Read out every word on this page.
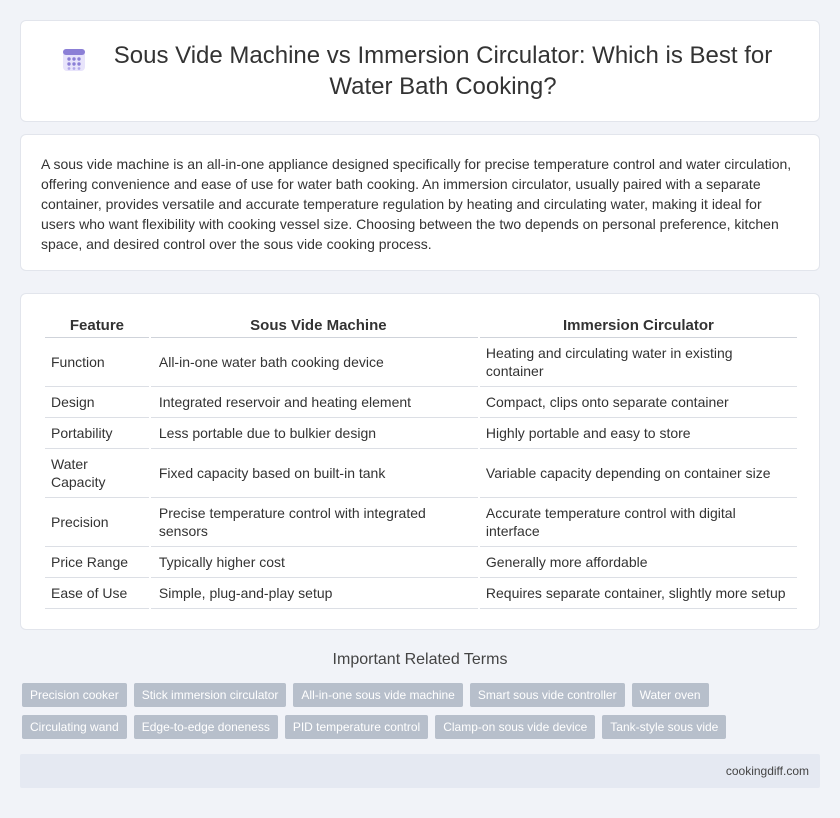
Sous Vide Machine vs Immersion Circulator: Which is Best for Water Bath Cooking?

A sous vide machine is an all-in-one appliance designed specifically for precise temperature control and water circulation, offering convenience and ease of use for water bath cooking. An immersion circulator, usually paired with a separate container, provides versatile and accurate temperature regulation by heating and circulating water, making it ideal for users who want flexibility with cooking vessel size. Choosing between the two depends on personal preference, kitchen space, and desired control over the sous vide cooking process.

Feature	Sous Vide Machine	Immersion Circulator
Function	All-in-one water bath cooking device	Heating and circulating water in existing container
Design	Integrated reservoir and heating element	Compact, clips onto separate container
Portability	Less portable due to bulkier design	Highly portable and easy to store
Water Capacity	Fixed capacity based on built-in tank	Variable capacity depending on container size
Precision	Precise temperature control with integrated sensors	Accurate temperature control with digital interface
Price Range	Typically higher cost	Generally more affordable
Ease of Use	Simple, plug-and-play setup	Requires separate container, slightly more setup
Important Related Terms
Precision cooker	Stick immersion circulator	All-in-one sous vide machine	Smart sous vide controller	Water oven
Circulating wand	Edge-to-edge doneness	PID temperature control	Clamp-on sous vide device	Tank-style sous vide
cookingdiff.com
